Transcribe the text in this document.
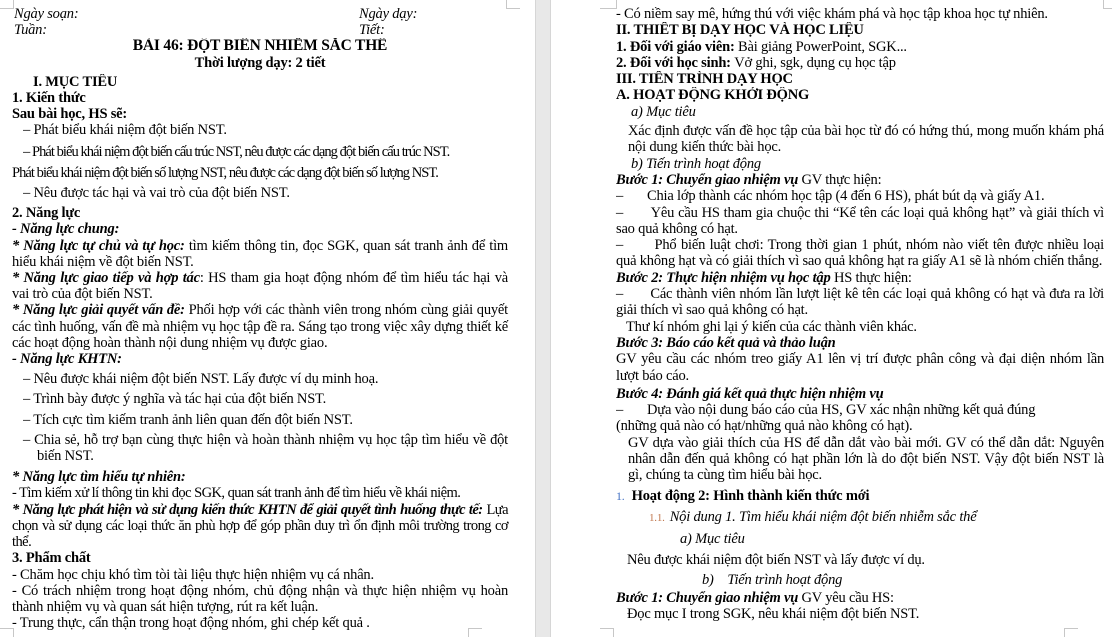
Ngày soạn:	Ngày dạy:

Tuần:	Tiết:

BÀI 46: ĐỘT BIẾN NHIỄM SẮC THỂ

Thời lượng dạy: 2 tiết

I. MỤC TIÊU

1. Kiến thức

Sau bài học, HS sẽ:

– Phát biểu khái niệm đột biến NST.

– Phát biểu khái niệm đột biến cấu trúc NST, nêu được các dạng đột biến cấu trúc NST.

Phát biểu khái niệm đột biến số lượng NST, nêu được các dạng đột biến số lượng NST.

– Nêu được tác hại và vai trò của đột biến NST.

2. Năng lực

- Năng lực chung:

* Năng lực tự chủ và tự học: tìm kiếm thông tin, đọc SGK, quan sát tranh ảnh để tìm hiểu khái niệm về đột biến NST.

* Năng lực giao tiếp và hợp tác: HS tham gia hoạt động nhóm để tìm hiểu tác hại và vai trò của đột biến NST.

* Năng lực giải quyết vấn đề: Phối hợp với các thành viên trong nhóm cùng giải quyết các tình huống, vấn đề mà nhiệm vụ học tập đề ra. Sáng tạo trong việc xây dựng thiết kế các hoạt động hoàn thành nội dung nhiệm vụ được giao.

- Năng lực KHTN:

– Nêu được khái niệm đột biến NST. Lấy được ví dụ minh hoạ.

– Trình bày được ý nghĩa và tác hại của đột biến NST.

– Tích cực tìm kiếm tranh ảnh liên quan đến đột biến NST.

– Chia sẻ, hỗ trợ bạn cùng thực hiện và hoàn thành nhiệm vụ học tập tìm hiểu về đột biến NST.

* Năng lực tìm hiểu tự nhiên:

- Tìm kiếm xử lí thông tin khi đọc SGK, quan sát tranh ảnh để tìm hiểu về khái niệm.

* Năng lực phát hiện và sử dụng kiến thức KHTN để giải quyết tình huống thực tế: Lựa chọn và sử dụng các loại thức ăn phù hợp để góp phần duy trì ổn định môi trường trong cơ thể.

3. Phẩm chất

- Chăm học chịu khó tìm tòi tài liệu thực hiện nhiệm vụ cá nhân.

- Có trách nhiệm trong hoạt động nhóm, chủ động nhận và thực hiện nhiệm vụ hoàn thành nhiệm vụ và quan sát hiện tượng, rút ra kết luận.

- Trung thực, cẩn thận trong hoạt động nhóm, ghi chép kết quả .

- Có niềm say mê, hứng thú với việc khám phá và học tập khoa học tự nhiên.

II. THIẾT BỊ DẠY HỌC VÀ HỌC LIỆU

1. Đối với giáo viên: Bài giảng PowerPoint, SGK...

2. Đối với học sinh: Vở ghi, sgk, dụng cụ học tập

III. TIẾN TRÌNH DẠY HỌC

A. HOẠT ĐỘNG KHỞI ĐỘNG

a) Mục tiêu

Xác định được vấn đề học tập của bài học từ đó có hứng thú, mong muốn khám phá nội dung kiến thức bài học.

b) Tiến trình hoạt động

Bước 1: Chuyển giao nhiệm vụ GV thực hiện:

–       Chia lớp thành các nhóm học tập (4 đến 6 HS), phát bút dạ và giấy A1.

–       Yêu cầu HS tham gia chuộc thi “Kể tên các loại quả không hạt” và giải thích vì sao quả không có hạt.

–       Phổ biến luật chơi: Trong thời gian 1 phút, nhóm nào viết tên được nhiều loại quả không hạt và có giải thích vì sao quả không hạt ra giấy A1 sẽ là nhóm chiến thắng.

Bước 2: Thực hiện nhiệm vụ học tập HS thực hiện:

–       Các thành viên nhóm lần lượt liệt kê tên các loại quả không có hạt và đưa ra lời giải thích vì sao quả không có hạt.

Thư kí nhóm ghi lại ý kiến của các thành viên khác.

Bước 3: Báo cáo kết quả và thảo luận

GV yêu cầu các nhóm treo giấy A1 lên vị trí được phân công và đại diện nhóm lần lượt báo cáo.

Bước 4: Đánh giá kết quả thực hiện nhiệm vụ

–       Dựa vào nội dung báo cáo của HS, GV xác nhận những kết quả đúng

(những quả nào có hạt/những quả nào không có hạt).

GV dựa vào giải thích của HS để dẫn dắt vào bài mới. GV có thể dẫn dắt: Nguyên nhân dẫn đến quả không có hạt phần lớn là do đột biến NST. Vậy đột biến NST là gì, chúng ta cùng tìm hiểu bài học.

1. Hoạt động 2: Hình thành kiến thức mới

1.1. Nội dung 1. Tìm hiểu khái niệm đột biến nhiễm sắc thể

a) Mục tiêu

Nêu được khái niệm đột biến NST và lấy được ví dụ.

b)    Tiến trình hoạt động

Bước 1: Chuyển giao nhiệm vụ GV yêu cầu HS:

Đọc mục I trong SGK, nêu khái niệm đột biến NST.
